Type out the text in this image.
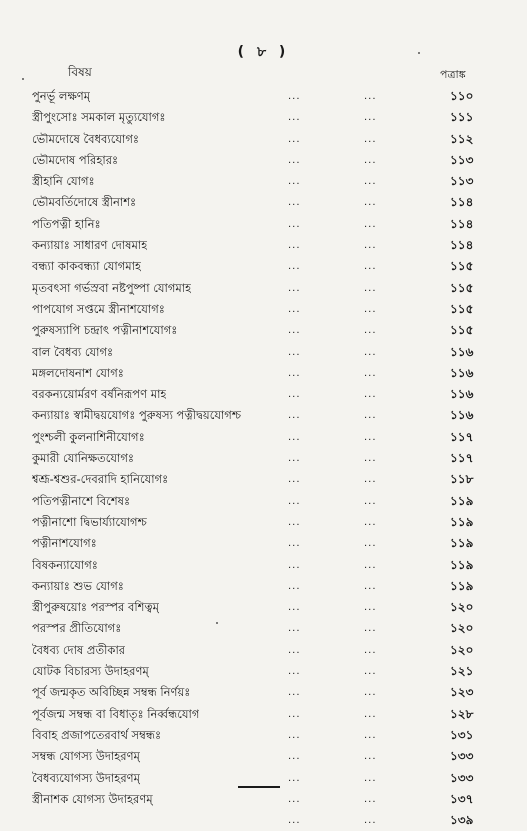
( ৮ )
বিষয়	পত্রাঙ্ক
পুনর্ভূ লক্ষণম্	...	...	১১০
স্ত্রীপুংসোঃ সমকাল মৃত্যুযোগঃ	...	...	১১১
ভৌমদোষে বৈধব্যযোগঃ	...	...	১১২
ভৌমদোষ পরিহারঃ	...	...	১১৩
স্ত্রীহানি যোগঃ	...	...	১১৩
ভৌমবর্তিদোষে স্ত্রীনাশঃ	...	...	১১৪
পতিপত্নী হানিঃ	...	...	১১৪
কন্যায়াঃ সাধারণ দোষমাহ	...	...	১১৪
বন্ধ্যা কাকবন্ধ্যা যোগমাহ	...	...	১১৫
মৃতবৎসা গর্ভস্রবা নষ্টপুষ্পা যোগমাহ	...	...	১১৫
পাপযোগ সপ্তমে স্ত্রীনাশযোগঃ	...	...	১১৫
পুরুষস্যাপি চন্দ্রাৎ পত্নীনাশযোগঃ	...	...	১১৫
বাল বৈধব্য যোগঃ	...	...	১১৬
মঙ্গলদোষনাশ যোগঃ	...	...	১১৬
বরকন্যয়োর্মরণ বর্ষনিরূপণ মাহ	...	...	১১৬
কন্যায়াঃ স্বামীদ্বয়যোগঃ পুরুষস্য পত্নীদ্বয়যোগশ্চ	...	...	১১৬
পুংশ্চলী কুলনাশিনীযোগঃ	...	...	১১৭
কুমারী যোনিক্ষতযোগঃ	...	...	১১৭
শ্বশ্রূ-শ্বশুর-দেবরাদি হানিযোগঃ	...	...	১১৮
পতিপত্নীনাশে বিশেষঃ	...	...	১১৯
পত্নীনাশো দ্বিভার্য্যাযোগশ্চ	...	...	১১৯
পত্নীনাশযোগঃ	...	...	১১৯
বিষকন্যাযোগঃ	...	...	১১৯
কন্যায়াঃ শুভ যোগঃ	...	...	১১৯
স্ত্রীপুরুষয়োঃ পরস্পর বশিত্বম্	...	...	১২০
পরস্পর প্রীতিযোগঃ	...	...	১২০
বৈধব্য দোষ প্রতীকার	...	...	১২০
যোটক বিচারস্য উদাহরণম্	...	...	১২১
পূর্ব জন্মকৃত অবিচ্ছিন্ন সম্বন্ধ নির্ণয়ঃ	...	...	১২৩
পূর্বজন্ম সম্বন্ধ বা বিধাতৃঃ নির্ব্বন্ধযোগ	...	...	১২৮
বিবাহ প্রজাপতেরবার্থ সম্বন্ধঃ	...	...	১৩১
সম্বন্ধ যোগস্য উদাহরণম্	...	...	১৩৩
বৈধব্যযোগস্য উদাহরণম্	...	...	১৩৩
স্ত্রীনাশক যোগস্য উদাহরণম্	...	...	১৩৭
...	...	১৩৯
